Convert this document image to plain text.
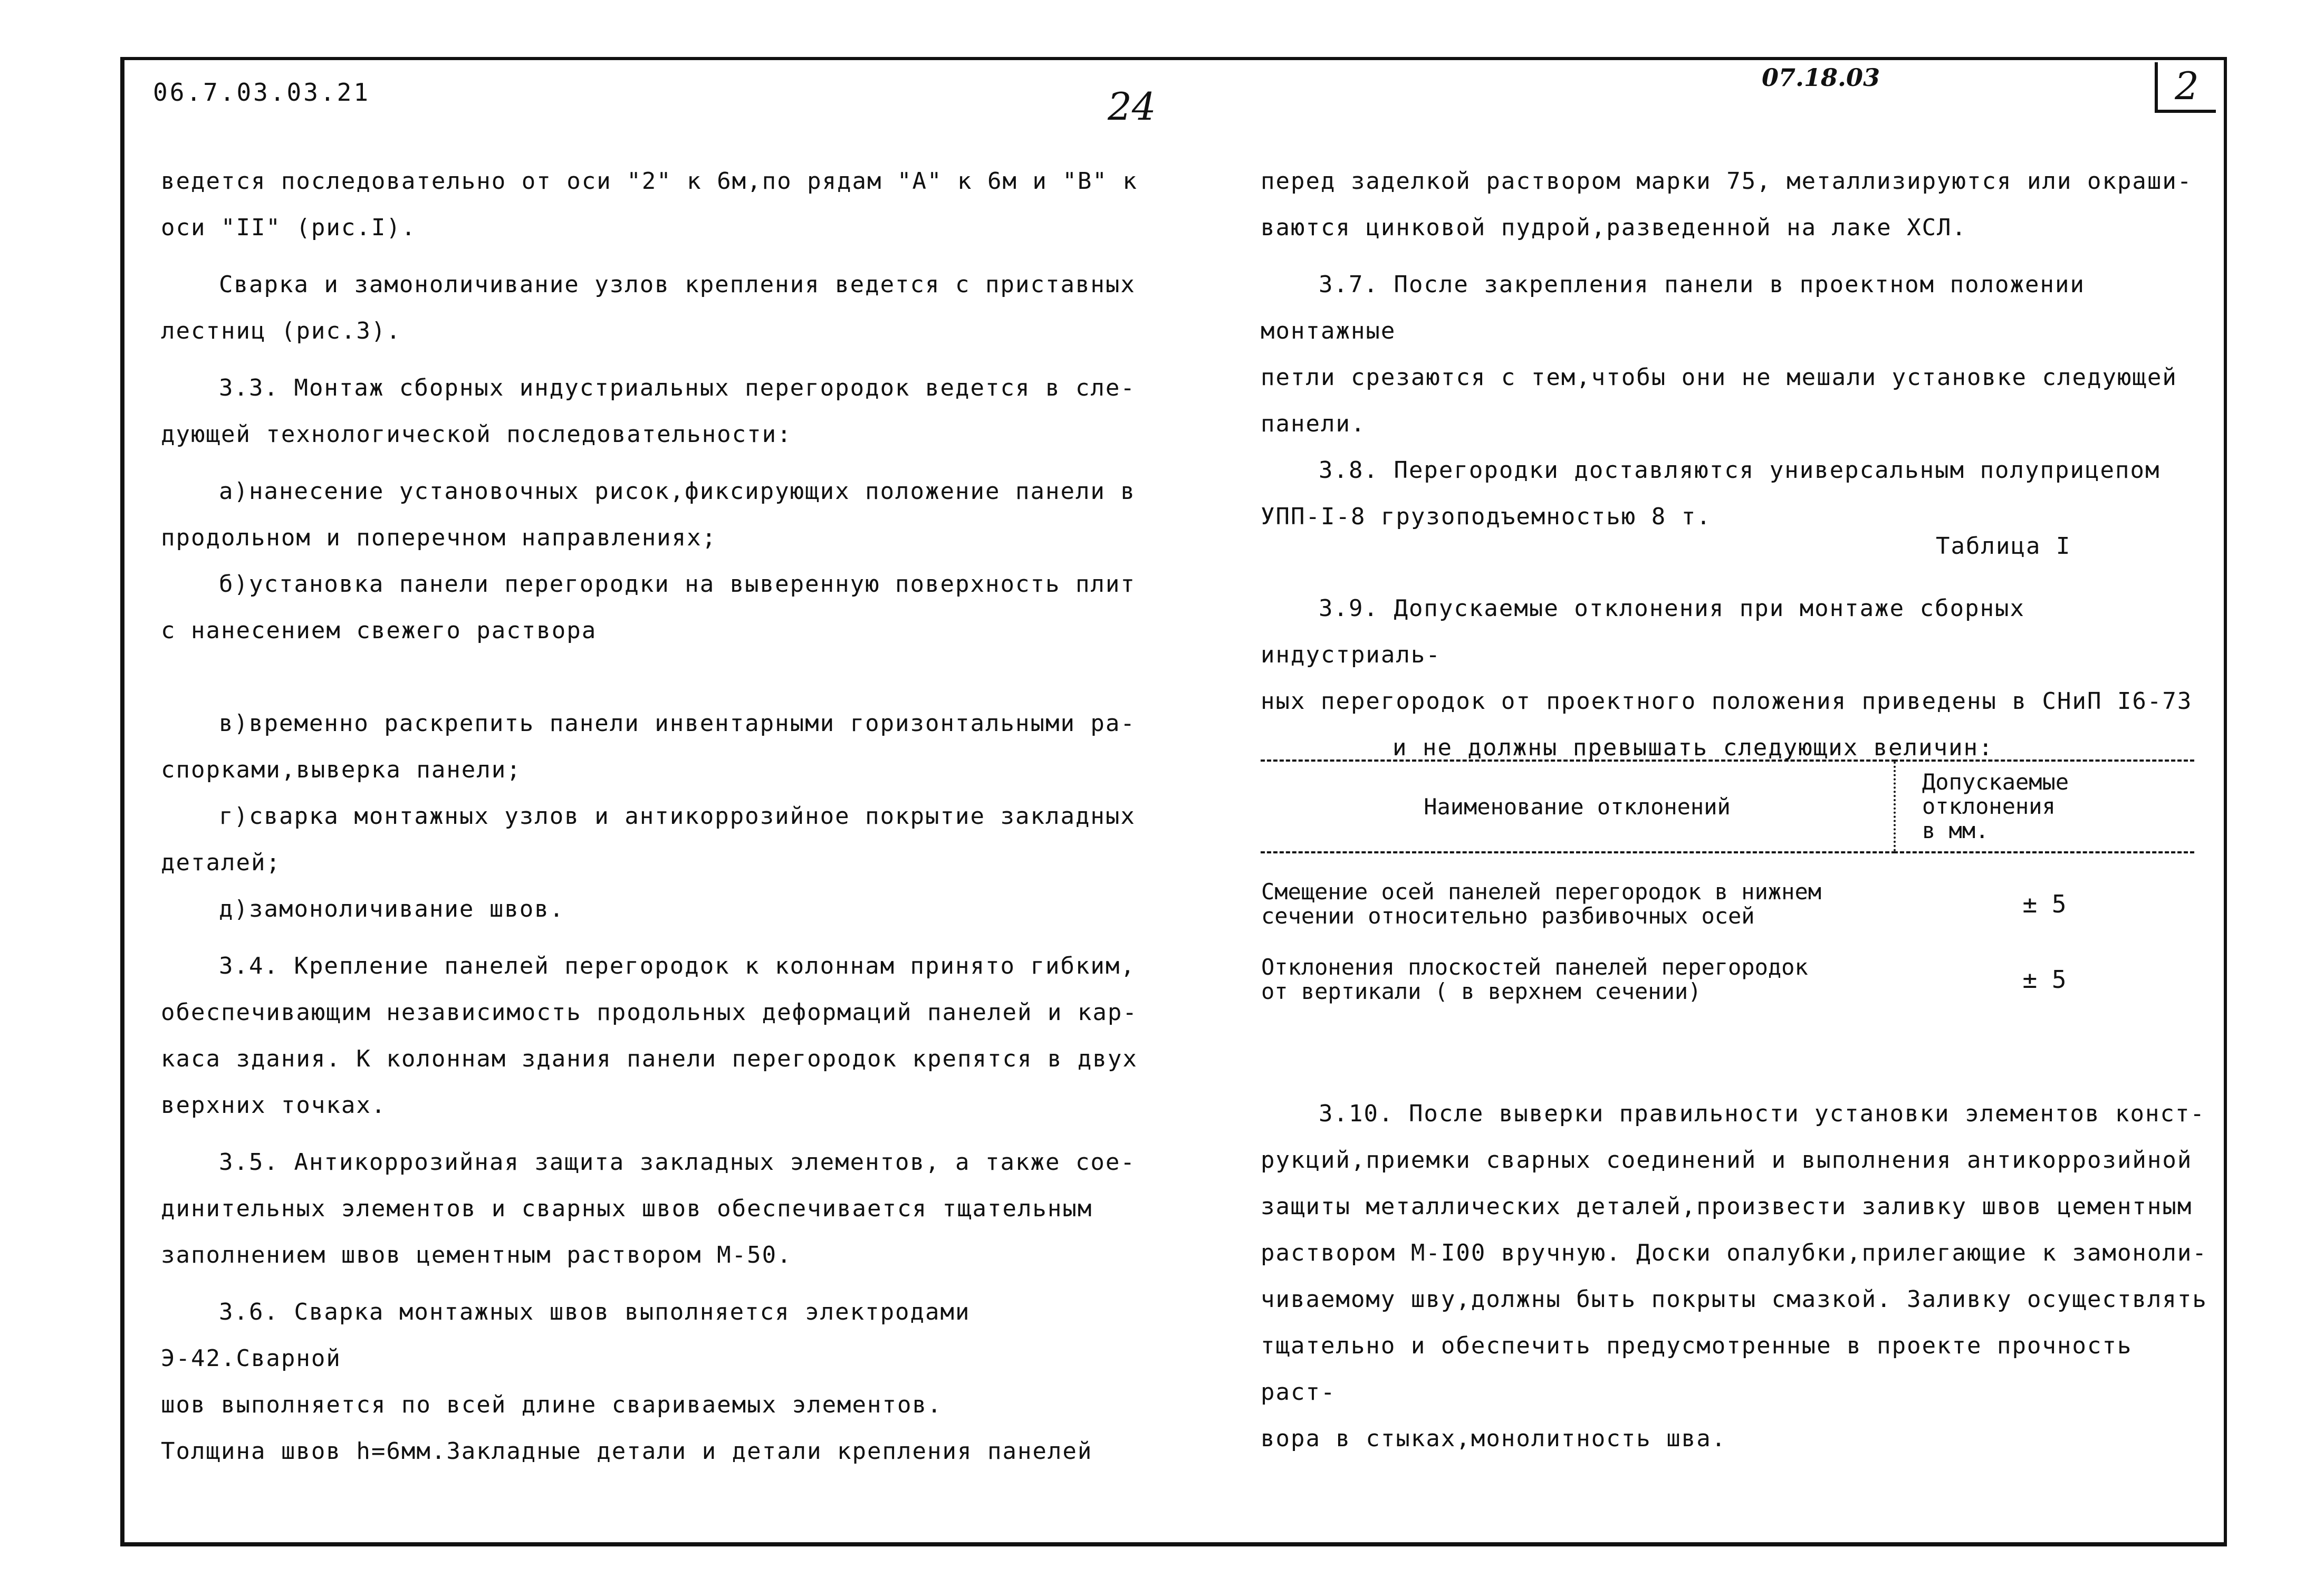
06.7.03.03.21	24
07.18.03	2

ведется последовательно от оси "2" к 6м,по рядам "А" к 6м и "В" к

оси "II" (рис.I).

Сварка и замоноличивание узлов крепления ведется с приставных

лестниц (рис.3).

3.3. Монтаж сборных индустриальных перегородок ведется в сле-

дующей технологической последовательности:

а)нанесение установочных рисок,фиксирующих положение панели в

продольном и поперечном направлениях;

б)установка панели перегородки на выверенную поверхность плит

с нанесением свежего раствора

в)временно раскрепить панели инвентарными горизонтальными ра-

спорками,выверка панели;

г)сварка монтажных узлов и антикоррозийное покрытие закладных

деталей;

д)замоноличивание швов.

3.4. Крепление панелей перегородок к колоннам принято гибким,

обеспечивающим независимость продольных деформаций панелей и кар-

каса здания. К колоннам здания панели перегородок крепятся в двух

верхних точках.

3.5. Антикоррозийная защита закладных элементов, а также сое-

динительных элементов и сварных швов обеспечивается тщательным

заполнением швов цементным раствором М-50.

3.6. Сварка монтажных швов выполняется электродами Э-42.Сварной

шов выполняется по всей длине свариваемых элементов.

Толщина швов h=6мм.Закладные детали и детали крепления панелей

перед заделкой раствором марки 75, металлизируются или окраши-

ваются цинковой пудрой,разведенной на лаке ХСЛ.

3.7. После закрепления панели в проектном положении монтажные

петли срезаются с тем,чтобы они не мешали установке следующей

панели.

3.8. Перегородки доставляются универсальным полуприцепом

УПП-I-8 грузоподъемностью 8 т.

Таблица I

3.9. Допускаемые отклонения при монтаже сборных индустриаль-

ных перегородок от проектного положения приведены в СНиП I6-73

и не должны превышать следующих величин:

Наименование отклонений	Допускаемые
отклонения
в мм.

Смещение осей панелей перегородок в нижнем
сечении относительно разбивочных осей	± 5

Отклонения плоскостей панелей перегородок
от вертикали ( в верхнем сечении)	± 5

3.10. После выверки правильности установки элементов конст-

рукций,приемки сварных соединений и выполнения антикоррозийной

защиты металлических деталей,произвести заливку швов цементным

раствором М-I00 вручную. Доски опалубки,прилегающие к замоноли-

чиваемому шву,должны быть покрыты смазкой. Заливку осуществлять

тщательно и обеспечить предусмотренные в проекте прочность раст-

вора в стыках,монолитность шва.
